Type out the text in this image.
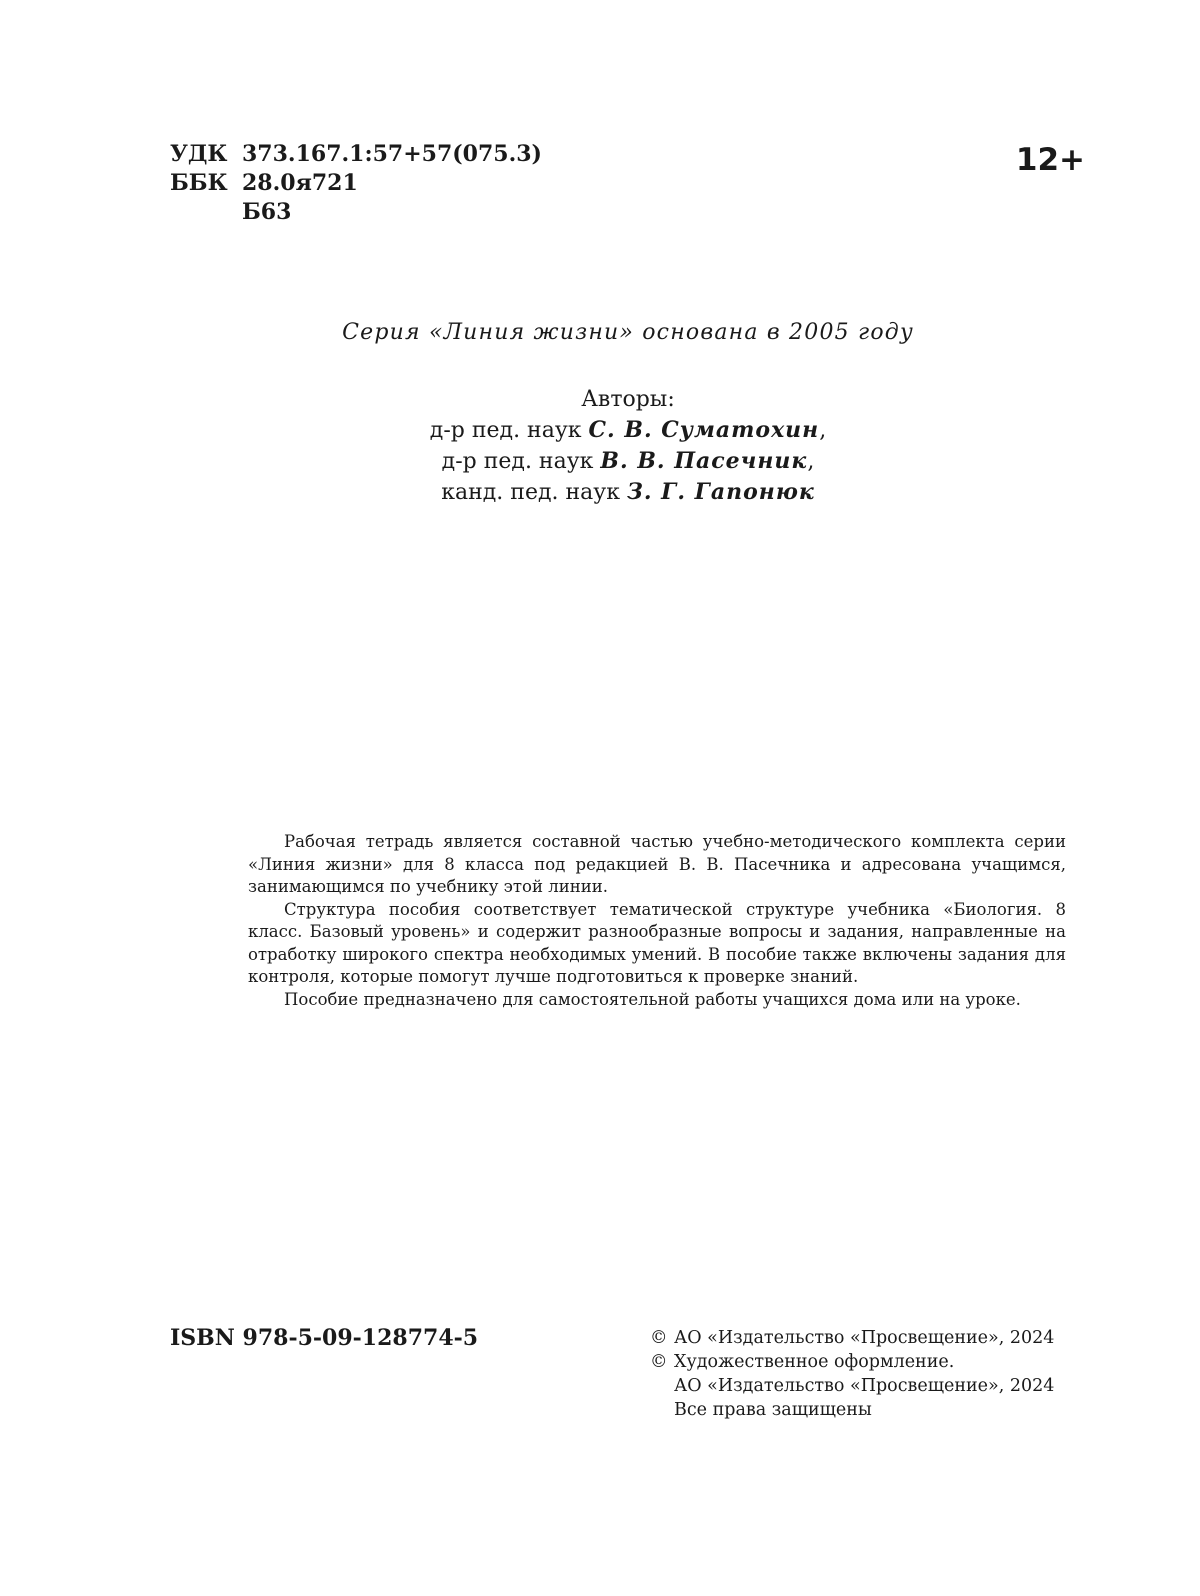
УДК 373.167.1:57+57(075.3)
ББК 28.0я721
Б63
12+
Серия «Линия жизни» основана в 2005 году
Авторы:
д-р пед. наук С. В. Суматохин,
д-р пед. наук В. В. Пасечник,
канд. пед. наук З. Г. Гапонюк

Рабочая тетрадь является составной частью учебно-методического комплекта серии «Линия жизни» для 8 класса под редакцией В. В. Пасечника и адресована учащимся, занимающимся по учебнику этой линии.

Структура пособия соответствует тематической структуре учебника «Биология. 8 класс. Базовый уровень» и содержит разнообразные вопросы и задания, направленные на отработку широкого спектра необходимых умений. В пособие также включены задания для контроля, которые помогут лучше подготовиться к проверке знаний.

Пособие предназначено для самостоятельной работы учащихся дома или на уроке.

ISBN 978-5-09-128774-5	© АО «Издательство «Просвещение», 2024
© Художественное оформление.
АО «Издательство «Просвещение», 2024
Все права защищены
